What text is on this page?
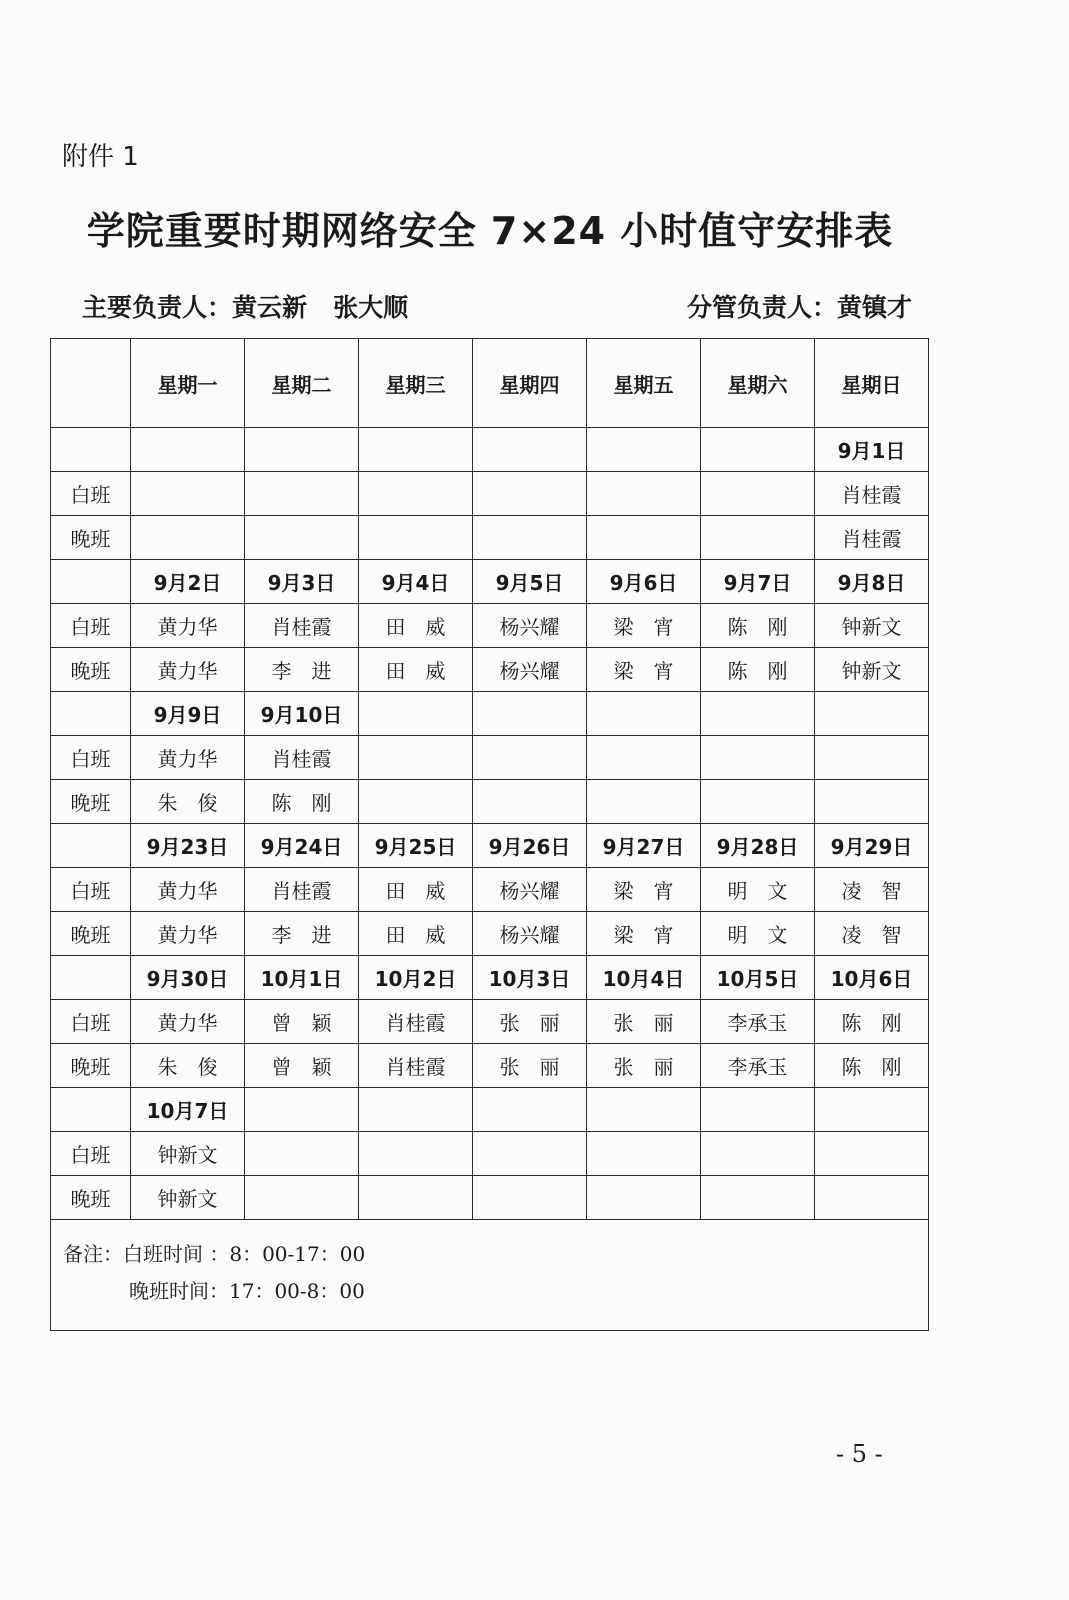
附件 1
学院重要时期网络安全 7×24 小时值守安排表
主要负责人：黄云新   张大顺	分管负责人：黄镇才
	星期一	星期二	星期三	星期四	星期五	星期六	星期日
							9月1日
白班							肖桂霞
晚班							肖桂霞
	9月2日	9月3日	9月4日	9月5日	9月6日	9月7日	9月8日
白班	黄力华	肖桂霞	田　威	杨兴耀	梁　宵	陈　刚	钟新文
晚班	黄力华	李　进	田　威	杨兴耀	梁　宵	陈　刚	钟新文
	9月9日	9月10日					
白班	黄力华	肖桂霞					
晚班	朱　俊	陈　刚					
	9月23日	9月24日	9月25日	9月26日	9月27日	9月28日	9月29日
白班	黄力华	肖桂霞	田　威	杨兴耀	梁　宵	明　文	凌　智
晚班	黄力华	李　进	田　威	杨兴耀	梁　宵	明　文	凌　智
	9月30日	10月1日	10月2日	10月3日	10月4日	10月5日	10月6日
白班	黄力华	曾　颖	肖桂霞	张　丽	张　丽	李承玉	陈　刚
晚班	朱　俊	曾　颖	肖桂霞	张　丽	张　丽	李承玉	陈　刚
	10月7日						
白班	钟新文						
晚班	钟新文						

备注：白班时间 ：8：00-17：00
晚班时间：17：00-8：00							
- 5 -
